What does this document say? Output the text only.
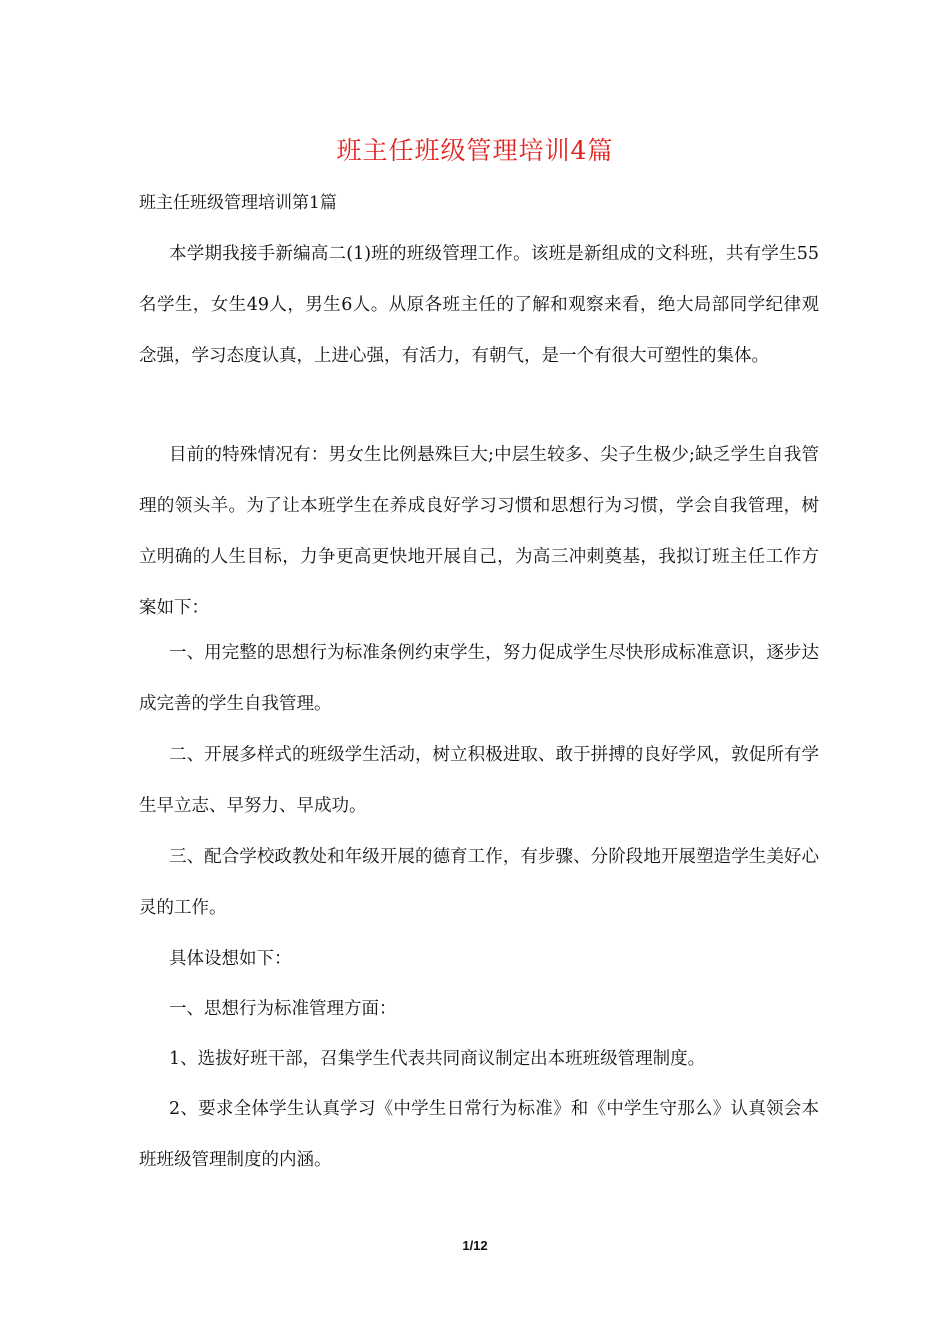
班主任班级管理培训4篇
班主任班级管理培训第1篇

本学期我接手新编高二(1)班的班级管理工作。该班是新组成的文科班，共有学生55名学生，女生49人，男生6人。从原各班主任的了解和观察来看，绝大局部同学纪律观念强，学习态度认真，上进心强，有活力，有朝气，是一个有很大可塑性的集体。

目前的特殊情况有：男女生比例悬殊巨大;中层生较多、尖子生极少;缺乏学生自我管理的领头羊。为了让本班学生在养成良好学习习惯和思想行为习惯，学会自我管理，树立明确的人生目标，力争更高更快地开展自己，为高三冲刺奠基，我拟订班主任工作方案如下：

一、用完整的思想行为标准条例约束学生，努力促成学生尽快形成标准意识，逐步达成完善的学生自我管理。

二、开展多样式的班级学生活动，树立积极进取、敢于拼搏的良好学风，敦促所有学生早立志、早努力、早成功。

三、配合学校政教处和年级开展的德育工作，有步骤、分阶段地开展塑造学生美好心灵的工作。

具体设想如下：

一、思想行为标准管理方面：

1、选拔好班干部，召集学生代表共同商议制定出本班班级管理制度。

2、要求全体学生认真学习《中学生日常行为标准》和《中学生守那么》认真领会本班班级管理制度的内涵。

1/12
